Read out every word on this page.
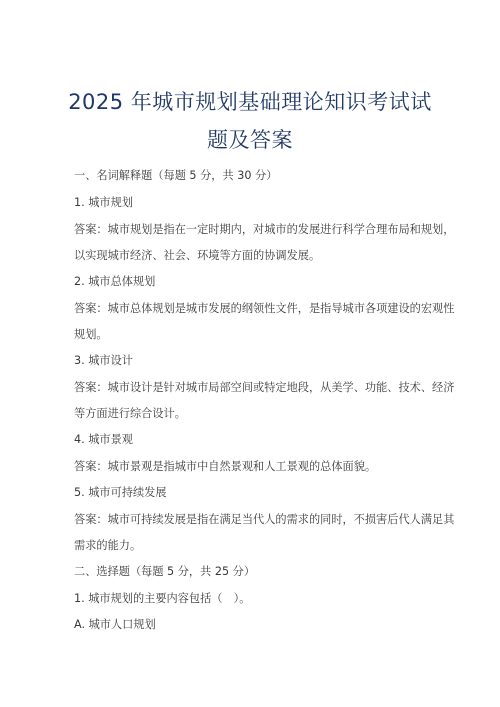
2025 年城市规划基础理论知识考试试
题及答案
一、名词解释题（每题 5 分，共 30 分）
1. 城市规划
答案：城市规划是指在一定时期内，对城市的发展进行科学合理布局和规划，
以实现城市经济、社会、环境等方面的协调发展。
2. 城市总体规划
答案：城市总体规划是城市发展的纲领性文件，是指导城市各项建设的宏观性
规划。
3. 城市设计
答案：城市设计是针对城市局部空间或特定地段，从美学、功能、技术、经济
等方面进行综合设计。
4. 城市景观
答案：城市景观是指城市中自然景观和人工景观的总体面貌。
5. 城市可持续发展
答案：城市可持续发展是指在满足当代人的需求的同时，不损害后代人满足其
需求的能力。
二、选择题（每题 5 分，共 25 分）
1. 城市规划的主要内容包括（　）。
A. 城市人口规划
